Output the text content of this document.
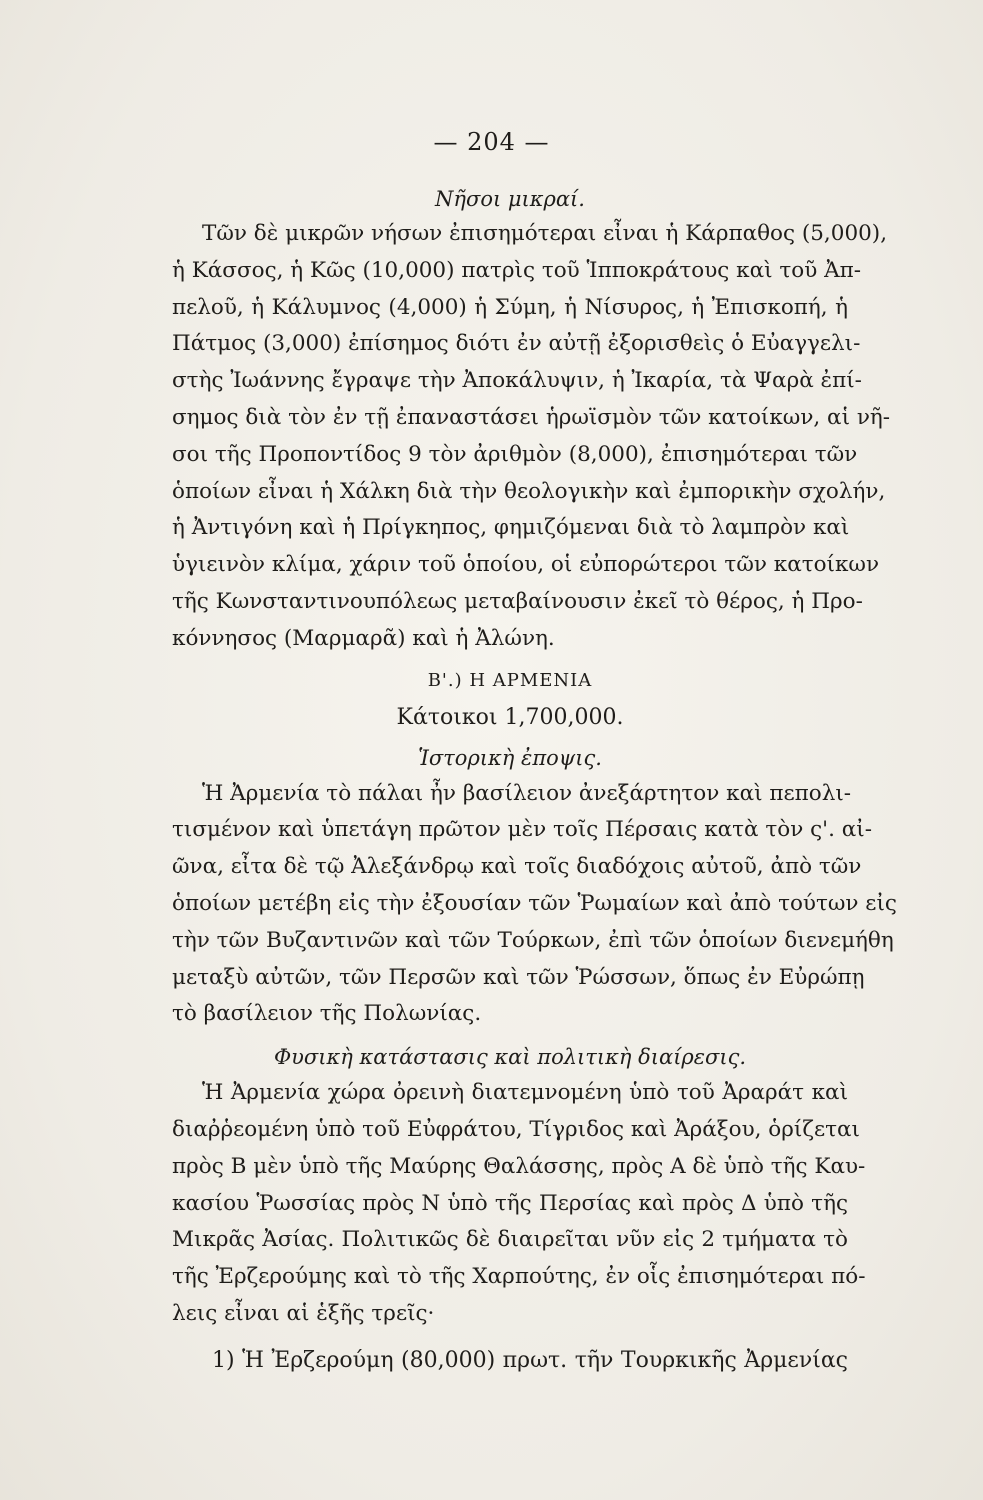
— 204 —

Νῆσοι μικραί.

Τῶν δὲ μικρῶν νήσων ἐπισημότεραι εἶναι ἡ Κάρπαθος (5,000),
ἡ Κάσσος, ἡ Κῶς (10,000) πατρὶς τοῦ Ἱπποκράτους καὶ τοῦ Ἀπ-
πελοῦ, ἡ Κάλυμνος (4,000) ἡ Σύμη, ἡ Νίσυρος, ἡ Ἐπισκοπή, ἡ
Πάτμος (3,000) ἐπίσημος διότι ἐν αὐτῇ ἐξορισθεὶς ὁ Εὐαγγελι-
στὴς Ἰωάννης ἔγραψε τὴν Ἀποκάλυψιν, ἡ Ἰκαρία, τὰ Ψαρὰ ἐπί-
σημος διὰ τὸν ἐν τῇ ἐπαναστάσει ἡρωϊσμὸν τῶν κατοίκων, αἱ νῆ-
σοι τῆς Προποντίδος 9 τὸν ἀριθμὸν (8,000), ἐπισημότεραι τῶν
ὁποίων εἶναι ἡ Χάλκη διὰ τὴν θεολογικὴν καὶ ἐμπορικὴν σχολήν,
ἡ Ἀντιγόνη καὶ ἡ Πρίγκηπος, φημιζόμεναι διὰ τὸ λαμπρὸν καὶ
ὑγιεινὸν κλίμα, χάριν τοῦ ὁποίου, οἱ εὐπορώτεροι τῶν κατοίκων
τῆς Κωνσταντινουπόλεως μεταβαίνουσιν ἐκεῖ τὸ θέρος, ἡ Προ-
κόννησος (Μαρμαρᾶ) καὶ ἡ Ἀλώνη.

Β'.) Η ΑΡΜΕΝΙΑ

Κάτοικοι 1,700,000.

Ἱστορικὴ ἐποψις.

Ἡ Ἀρμενία τὸ πάλαι ἦν βασίλειον ἀνεξάρτητον καὶ πεπολι-
τισμένον καὶ ὑπετάγη πρῶτον μὲν τοῖς Πέρσαις κατὰ τὸν ς'. αἰ-
ῶνα, εἶτα δὲ τῷ Ἀλεξάνδρῳ καὶ τοῖς διαδόχοις αὐτοῦ, ἀπὸ τῶν
ὁποίων μετέβη εἰς τὴν ἐξουσίαν τῶν Ῥωμαίων καὶ ἀπὸ τούτων εἰς
τὴν τῶν Βυζαντινῶν καὶ τῶν Τούρκων, ἐπὶ τῶν ὁποίων διενεμήθη
μεταξὺ αὐτῶν, τῶν Περσῶν καὶ τῶν Ῥώσσων, ὅπως ἐν Εὐρώπῃ
τὸ βασίλειον τῆς Πολωνίας.

Φυσικὴ κατάστασις καὶ πολιτικὴ διαίρεσις.

Ἡ Ἀρμενία χώρα ὀρεινὴ διατεμνομένη ὑπὸ τοῦ Ἀραράτ καὶ
διαῤῥεομένη ὑπὸ τοῦ Εὐφράτου, Τίγριδος καὶ Ἀράξου, ὁρίζεται
πρὸς Β μὲν ὑπὸ τῆς Μαύρης Θαλάσσης, πρὸς Α δὲ ὑπὸ τῆς Καυ-
κασίου Ῥωσσίας πρὸς Ν ὑπὸ τῆς Περσίας καὶ πρὸς Δ ὑπὸ τῆς
Μικρᾶς Ἀσίας. Πολιτικῶς δὲ διαιρεῖται νῦν εἰς 2 τμήματα τὸ
τῆς Ἐρζερούμης καὶ τὸ τῆς Χαρπούτης, ἐν οἷς ἐπισημότεραι πό-
λεις εἶναι αἱ ἑξῆς τρεῖς·

1) Ἡ Ἐρζερούμη (80,000) πρωτ. τῆν Τουρκικῆς Ἀρμενίας
